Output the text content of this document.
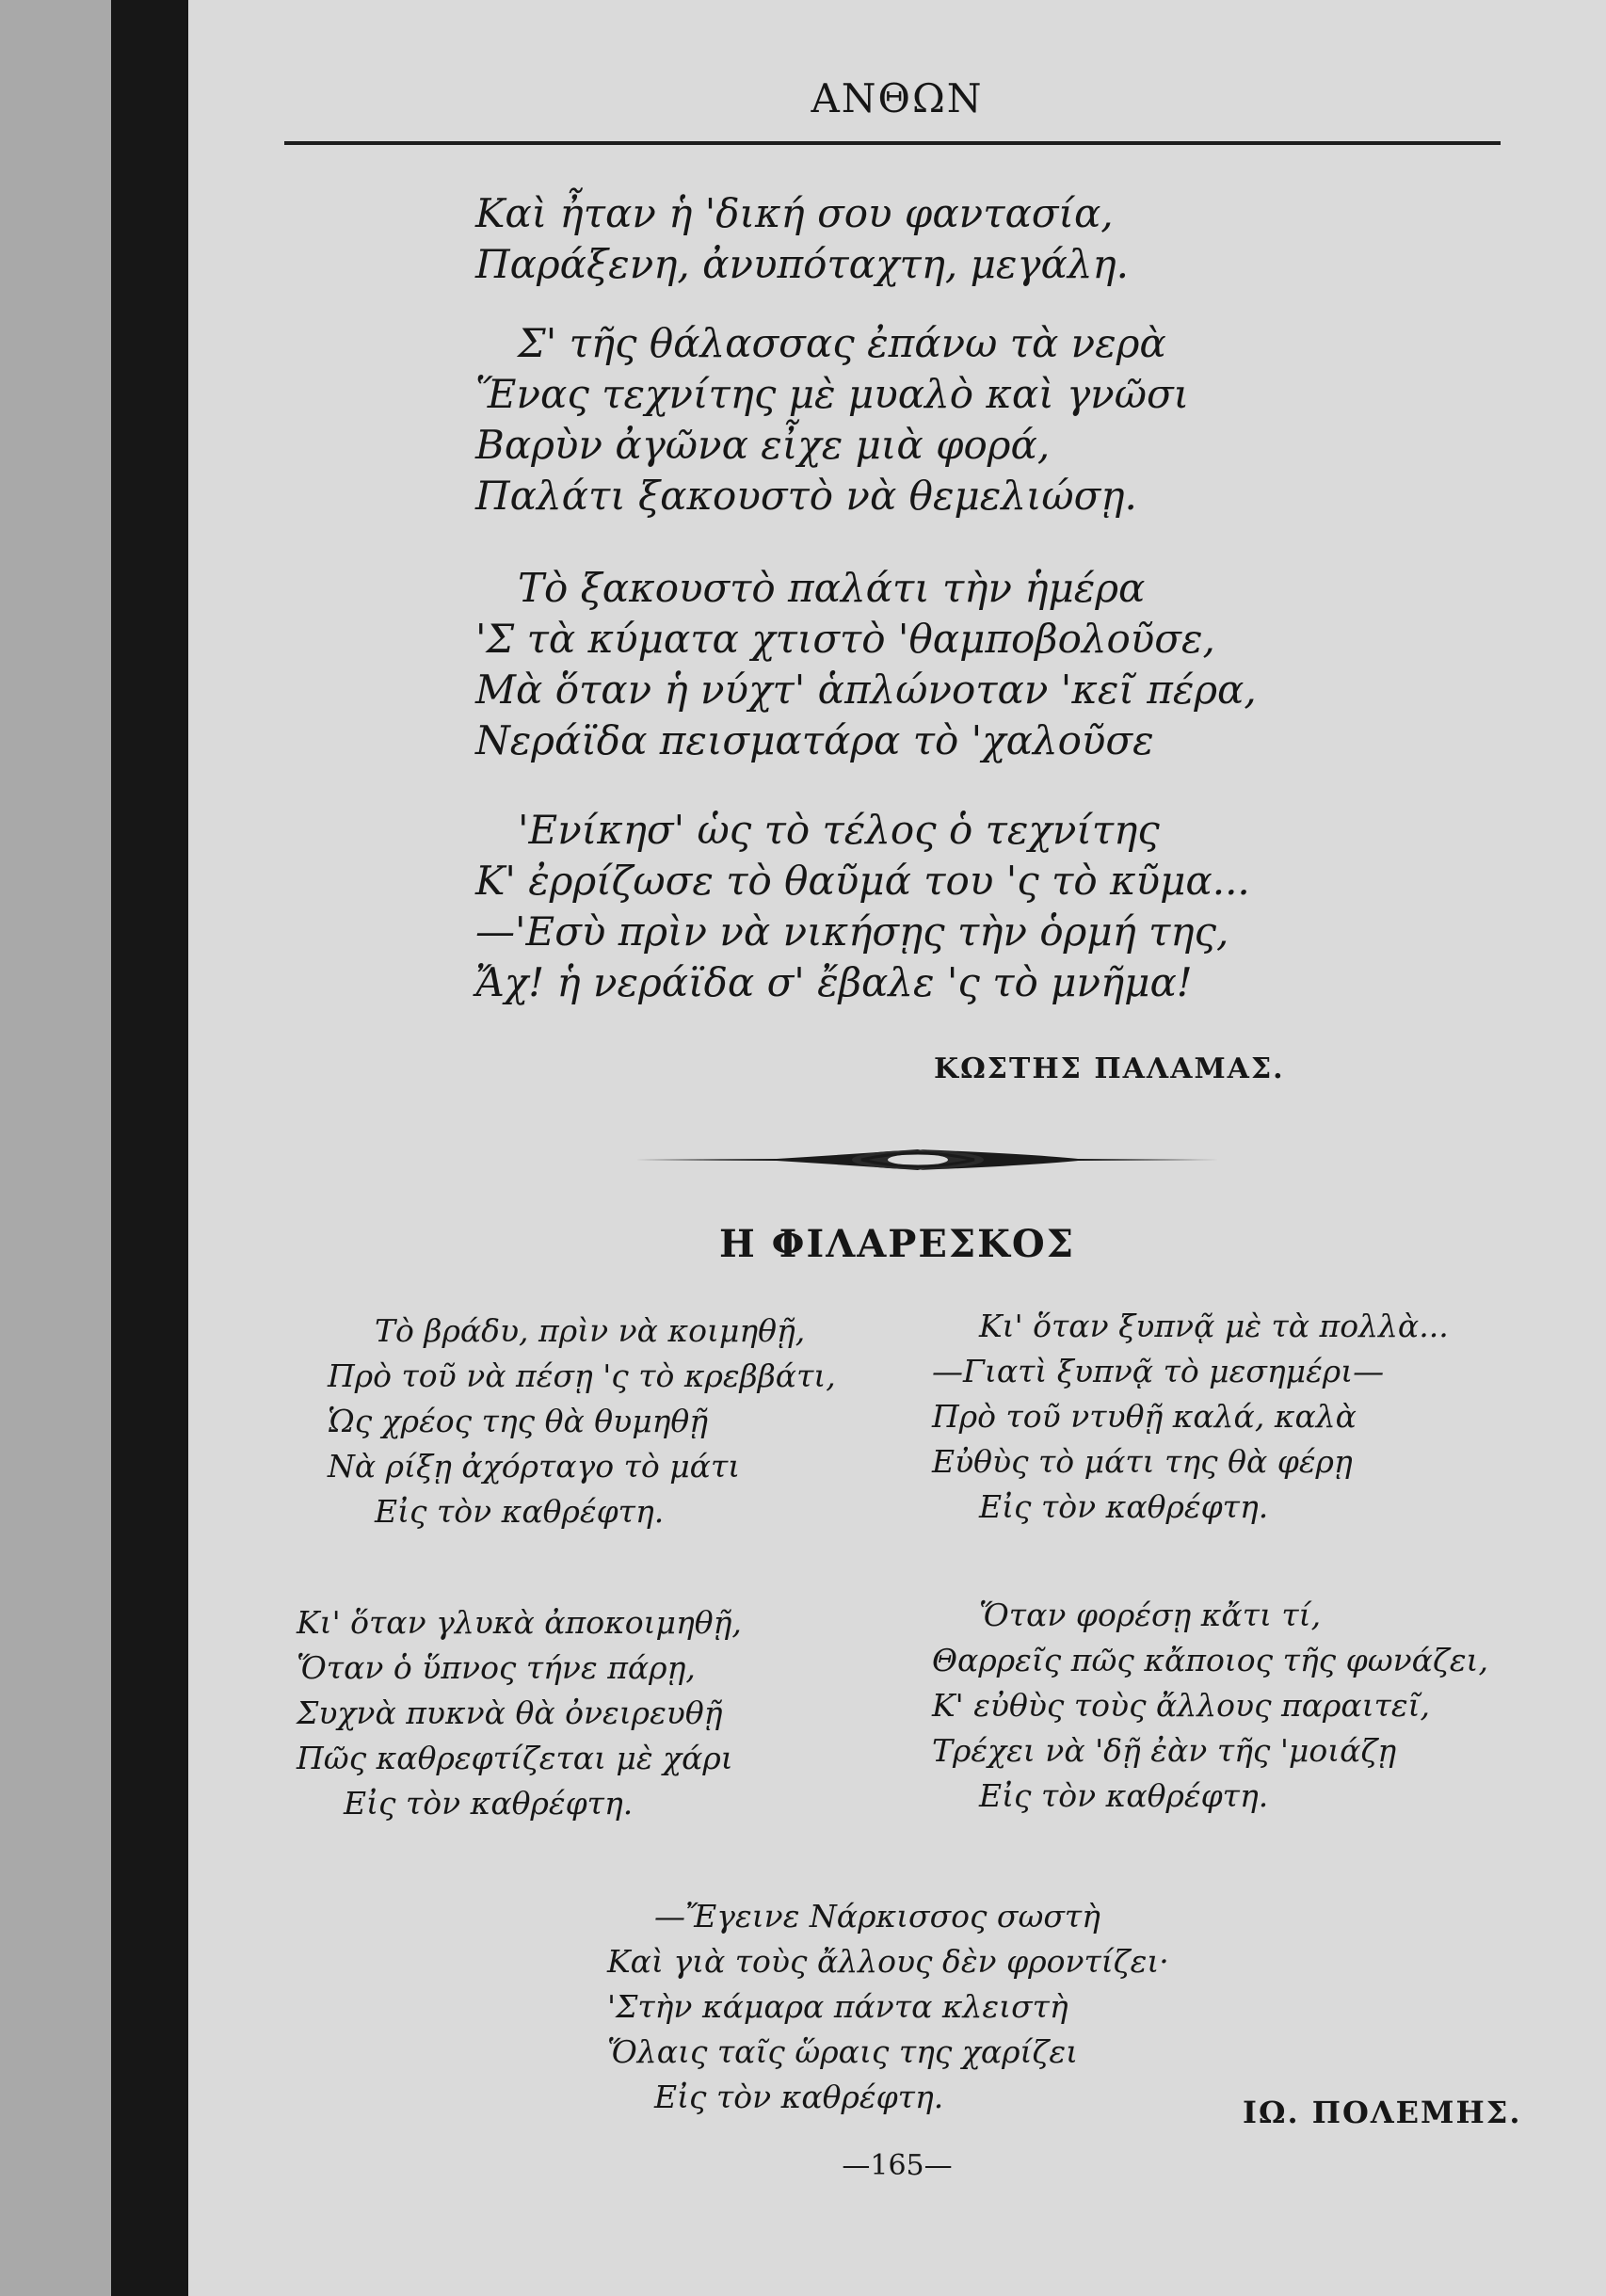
ΑΝΘΩΝ
Καὶ ἦταν ἡ 'δική σου φαντασία,
Παράξενη, ἀνυπόταχτη, μεγάλη.
Σ' τῆς θάλασσας ἐπάνω τὰ νερὰ
Ἕνας τεχνίτης μὲ μυαλὸ καὶ γνῶσι
Βαρὺν ἀγῶνα εἶχε μιὰ φορά,
Παλάτι ξακουστὸ νὰ θεμελιώσῃ.
Τὸ ξακουστὸ παλάτι τὴν ἡμέρα
'Σ τὰ κύματα χτιστὸ 'θαμποβολοῦσε,
Μὰ ὅταν ἡ νύχτ' ἁπλώνοταν 'κεῖ πέρα,
Νεράϊδα πεισματάρα τὸ 'χαλοῦσε
'Ενίκησ' ὡς τὸ τέλος ὁ τεχνίτης
Κ' ἐρρίζωσε τὸ θαῦμά του 'ς τὸ κῦμα...
—'Εσὺ πρὶν νὰ νικήσῃς τὴν ὁρμή της,
Ἄχ! ἡ νεράϊδα σ' ἔβαλε 'ς τὸ μνῆμα!
ΚΩΣΤΗΣ ΠΑΛΑΜΑΣ.
Η ΦΙΛΑΡΕΣΚΟΣ
Τὸ βράδυ, πρὶν νὰ κοιμηθῇ,
Πρὸ τοῦ νὰ πέσῃ 'ς τὸ κρεββάτι,
Ὡς χρέος της θὰ θυμηθῇ
Νὰ ρίξῃ ἀχόρταγο τὸ μάτι
Εἰς τὸν καθρέφτη.
Κι' ὅταν γλυκὰ ἀποκοιμηθῇ,
Ὅταν ὁ ὕπνος τήνε πάρῃ,
Συχνὰ πυκνὰ θὰ ὀνειρευθῇ
Πῶς καθρεφτίζεται μὲ χάρι
Εἰς τὸν καθρέφτη.
Κι' ὅταν ξυπνᾷ μὲ τὰ πολλὰ...
—Γιατὶ ξυπνᾷ τὸ μεσημέρι—
Πρὸ τοῦ ντυθῇ καλά, καλὰ
Εὐθὺς τὸ μάτι της θὰ φέρῃ
Εἰς τὸν καθρέφτη.
Ὅταν φορέσῃ κἄτι τί,
Θαρρεῖς πῶς κἄποιος τῆς φωνάζει,
Κ' εὐθὺς τοὺς ἄλλους παραιτεῖ,
Τρέχει νὰ 'δῇ ἐὰν τῆς 'μοιάζῃ
Εἰς τὸν καθρέφτη.
—Ἔγεινε Νάρκισσος σωστὴ
Καὶ γιὰ τοὺς ἄλλους δὲν φροντίζει·
'Στὴν κάμαρα πάντα κλειστὴ
Ὅλαις ταῖς ὥραις της χαρίζει
Εἰς τὸν καθρέφτη.	ΙΩ. ΠΟΛΕΜΗΣ.
—165—
